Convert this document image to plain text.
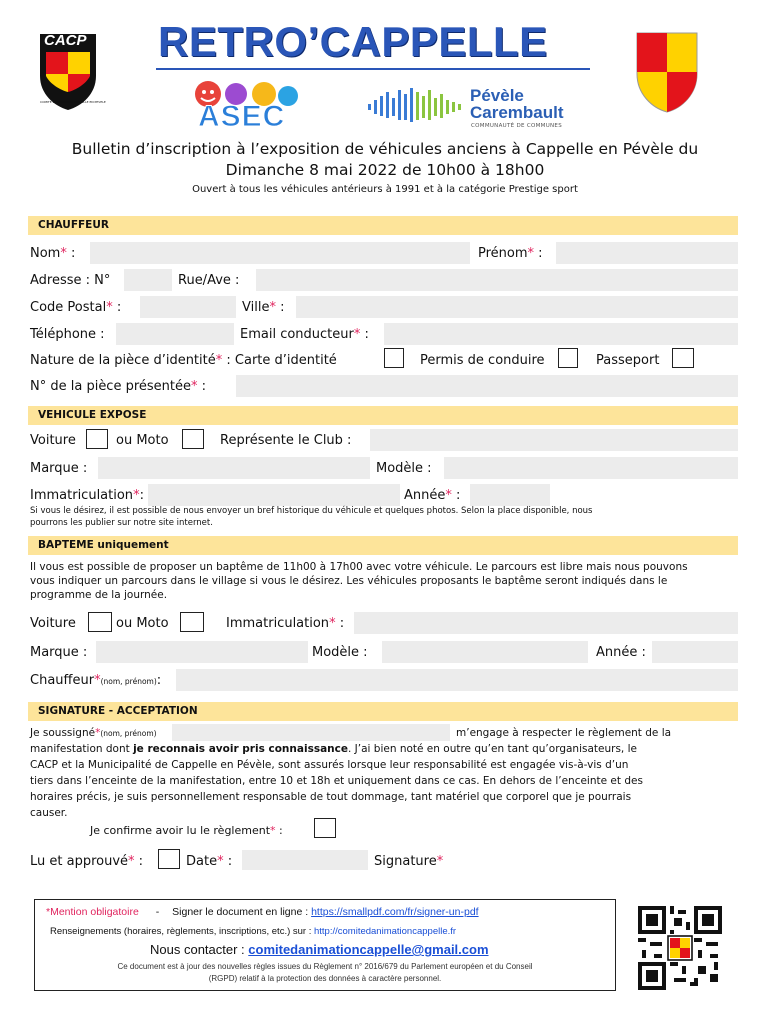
CACP
COMITE D'ANIMATION CAPPELLE EN PEVELE
RETRO’CAPPELLE
ASEC
Pévèle
Carembault
COMMUNAUTÉ DE COMMUNES
Bulletin d’inscription à l’exposition de véhicules anciens à Cappelle en Pévèle du
Dimanche 8 mai 2022 de 10h00 à 18h00
Ouvert à tous les véhicules antérieurs à 1991 et à la catégorie Prestige sport
CHAUFFEUR
Nom* :	Prénom* :
Adresse : N°	Rue/Ave :
Code Postal* :	Ville* :
Téléphone :	Email conducteur* :
Nature de la pièce d’identité* : Carte d’identité	Permis de conduire	Passeport
N° de la pièce présentée* :
VEHICULE EXPOSE
Voiture	ou Moto	Représente le Club :
Marque :	Modèle :
Immatriculation*:	Année* :
Si vous le désirez, il est possible de nous envoyer un bref historique du véhicule et quelques photos. Selon la place disponible, nous
pourrons les publier sur notre site internet.
BAPTEME uniquement
Il vous est possible de proposer un baptême de 11h00 à 17h00 avec votre véhicule. Le parcours est libre mais nous pouvons
vous indiquer un parcours dans le village si vous le désirez. Les véhicules proposants le baptême seront indiqués dans le
programme de la journée.
Voiture	ou Moto	Immatriculation* :
Marque :	Modèle :	Année :
Chauffeur*(nom, prénom):
SIGNATURE - ACCEPTATION
Je soussigné*(nom, prénom)	m’engage à respecter le règlement de la
manifestation dont je reconnais avoir pris connaissance. J’ai bien noté en outre qu’en tant qu’organisateurs, le
CACP et la Municipalité de Cappelle en Pévèle, sont assurés lorsque leur responsabilité est engagée vis-à-vis d’un
tiers dans l’enceinte de la manifestation, entre 10 et 18h et uniquement dans ce cas. En dehors de l’enceinte et des
horaires précis, je suis personnellement responsable de tout dommage, tant matériel que corporel que je pourrais
causer.
Je confirme avoir lu le règlement* :
Lu et approuvé* :	Date* :	Signature*
*Mention obligatoire - Signer le document en ligne : https://smallpdf.com/fr/signer-un-pdf
Renseignements (horaires, règlements, inscriptions, etc.) sur : http://comitedanimationcappelle.fr
Nous contacter : comitedanimationcappelle@gmail.com
Ce document est à jour des nouvelles règles issues du Règlement n° 2016/679 du Parlement européen et du Conseil
(RGPD) relatif à la protection des données à caractère personnel.
